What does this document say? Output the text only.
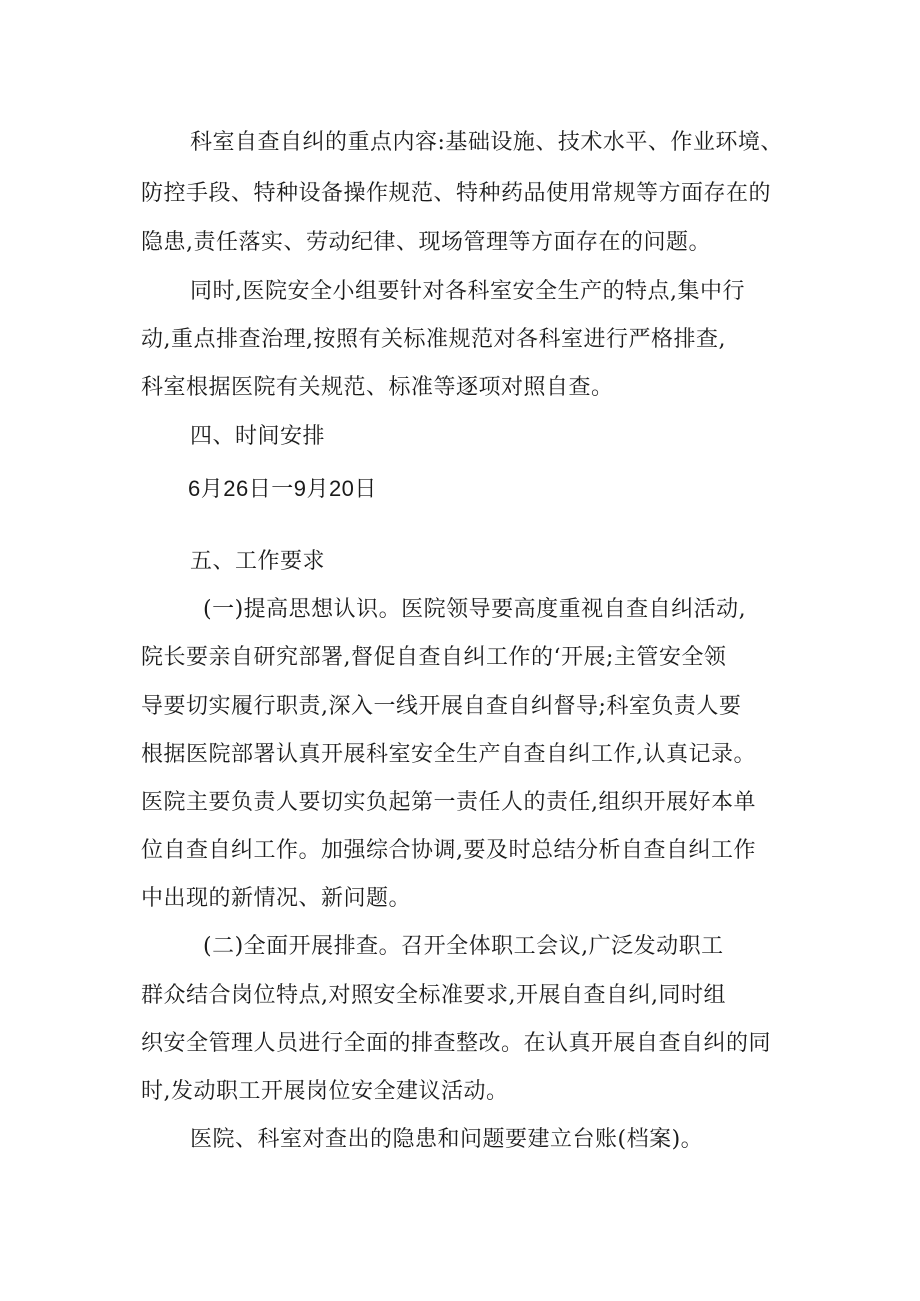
科室自查自纠的重点内容:基础设施、技术水平、作业环境、
防控手段、特种设备操作规范、特种药品使用常规等方面存在的
隐患,责任落实、劳动纪律、现场管理等方面存在的问题。
同时,医院安全小组要针对各科室安全生产的特点,集中行
动,重点排查治理,按照有关标准规范对各科室进行严格排查,
科室根据医院有关规范、标准等逐项对照自查。
四、时间安排
6月26日一9月20日
五、工作要求
(一)提高思想认识。医院领导要高度重视自查自纠活动,
院长要亲自研究部署,督促自查自纠工作的‘开展;主管安全领
导要切实履行职责,深入一线开展自查自纠督导;科室负责人要
根据医院部署认真开展科室安全生产自查自纠工作,认真记录。
医院主要负责人要切实负起第一责任人的责任,组织开展好本单
位自查自纠工作。加强综合协调,要及时总结分析自查自纠工作
中出现的新情况、新问题。
(二)全面开展排查。召开全体职工会议,广泛发动职工
群众结合岗位特点,对照安全标准要求,开展自查自纠,同时组
织安全管理人员进行全面的排查整改。在认真开展自查自纠的同
时,发动职工开展岗位安全建议活动。
医院、科室对查出的隐患和问题要建立台账(档案)。
